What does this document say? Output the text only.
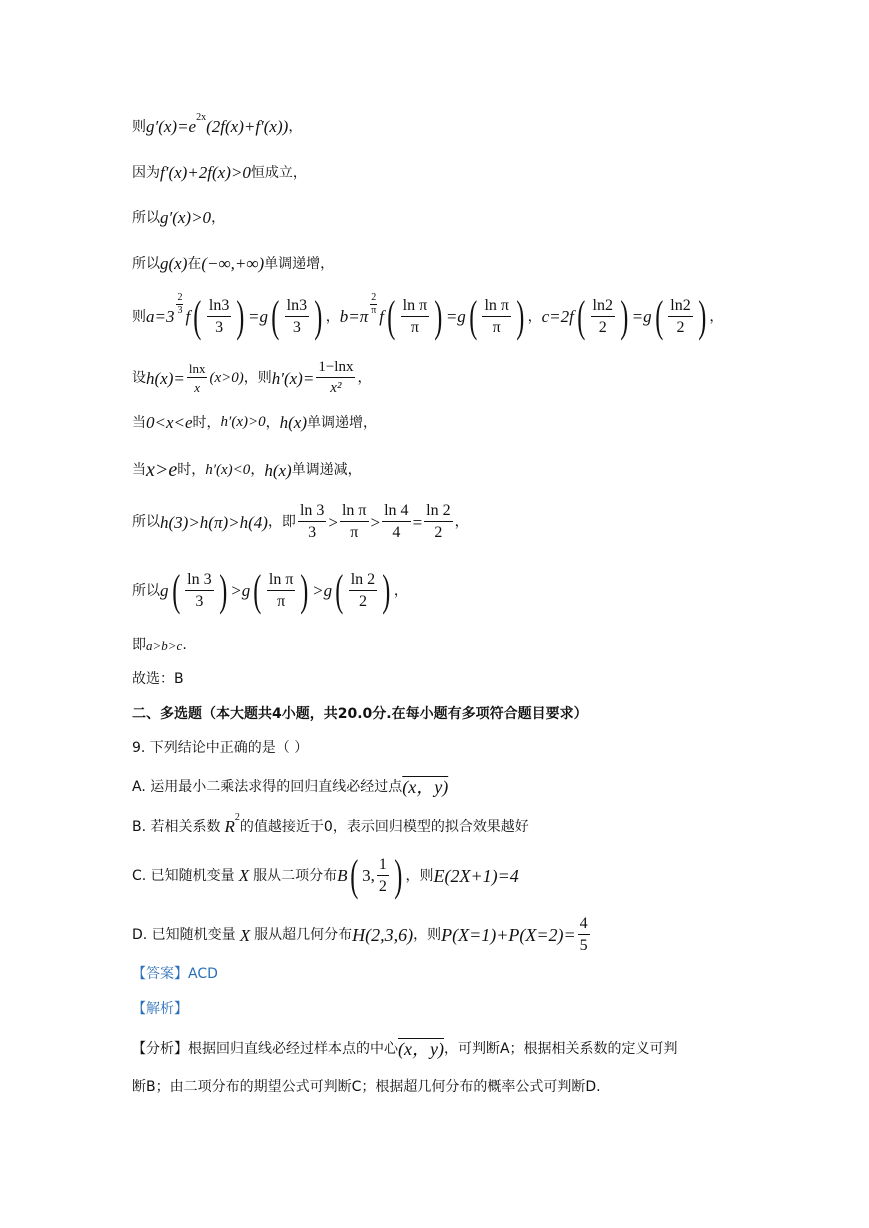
则 g′(x)=e 2x (2f(x)+f′(x)) ，
因为 f′(x)+2f(x)>0 恒成立，
所以 g′(x)>0 ，
所以 g(x) 在 (−∞,+∞) 单调递增，
则 a=3
$\frac{2}{3}$
f ( $\frac{\ln 3}{3}$ ) =g ( $\frac{\ln 3}{3}$ ) ， b=π
$\frac{2}{\pi}$
f ( $\frac{\text{ln π}}{\pi}$ ) =g ( $\frac{\text{ln π}}{\pi}$ ) ， c=2f ( $\frac{\ln 2}{2}$ ) =g ( $\frac{\ln 2}{2}$ ) ，
设 $h(x)= \frac{\ln x}{x} (x>0)$ ，则 $h'(x)= \frac{1-\ln x}{\text{x²}}$ ，
当 0<x<e 时， h′(x)>0 ， h(x) 单调递增，
当 x>e 时， h′(x)<0 ， h(x) 单调递减，
所以 h(3)>h(π)>h(4) ，即 $\frac{\ln 3}{3} > \frac{\text{ln π}}{\pi} > \frac{\ln 4}{4} = \frac{\ln 2}{2}$ ，
所以 g ( $\frac{\ln 3}{3}$ ) >g ( $\frac{\text{ln π}}{\pi}$ ) >g ( $\frac{\ln 2}{2}$ ) ，
即 a>b>c .
故选：B
二、多选题（本大题共4小题，共20.0分.在每小题有多项符合题目要求）
9. 下列结论中正确的是（ ）
A. 运用最小二乘法求得的回归直线必经过点 (x，y)
B. 若相关系数 R 2
的值越接近于0，表示回归模型的拟合效果越好
C. 已知随机变量 X 服从二项分布 B ( 3, $\frac{1}{2}$ ) ，则 E(2X+1)=4
D. 已知随机变量 X 服从超几何分布 H(2,3,6) ，则 $P(X=1)+P(X=2)= \frac{4}{5}$
【答案】ACD
【解析】
【分析】根据回归直线必经过样本点的中心 (x，y) ，可判断A；根据相关系数的定义可判
断B；由二项分布的期望公式可判断C；根据超几何分布的概率公式可判断D.
